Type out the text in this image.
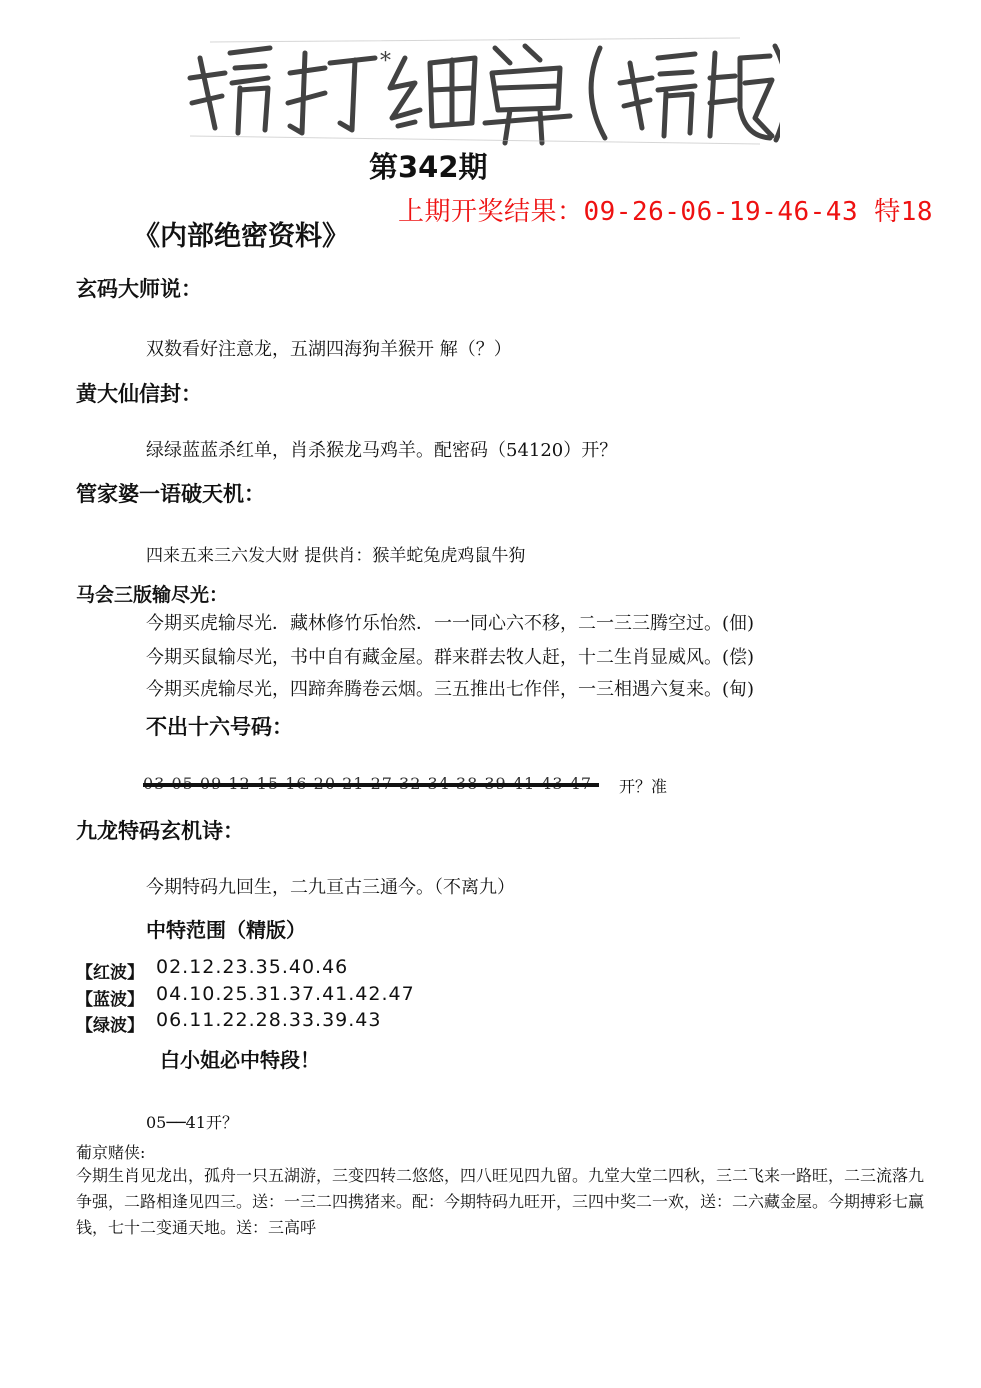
*
第342期
上期开奖结果：09-26-06-19-46-43 特18
《内部绝密资料》
玄码大师说：
双数看好注意龙，五湖四海狗羊猴开 解（？）
黄大仙信封：
绿绿蓝蓝杀红单，肖杀猴龙马鸡羊。配密码（54120）开？
管家婆一语破天机：
四来五来三六发大财 提供肖：猴羊蛇兔虎鸡鼠牛狗
马会三版输尽光：
今期买虎输尽光．藏林修竹乐怡然．一一同心六不移，二一三三腾空过。(佃)
今期买鼠输尽光，书中自有藏金屋。群来群去牧人赶，十二生肖显威风。(偿)
今期买虎输尽光，四蹄奔腾卷云烟。三五推出七作伴，一三相遇六复来。(甸)
不出十六号码：
开？准
九龙特码玄机诗：
今期特码九回生，二九亘古三通今。（不离九）
中特范围（精版）
【红波】 02.12.23.35.40.46
【蓝波】 04.10.25.31.37.41.42.47
【绿波】 06.11.22.28.33.39.43
白小姐必中特段！
05──41开？
葡京赌侠:
今期生肖见龙出，孤舟一只五湖游，三变四转二悠悠，四八旺见四九留。九堂大堂二四秋，三二飞来一路旺，二三流落九争强，二路相逢见四三。送：一三二四携猪来。配：今期特码九旺开，三四中奖二一欢，送：二六藏金屋。今期搏彩七赢钱，七十二变通天地。送：三高呼
